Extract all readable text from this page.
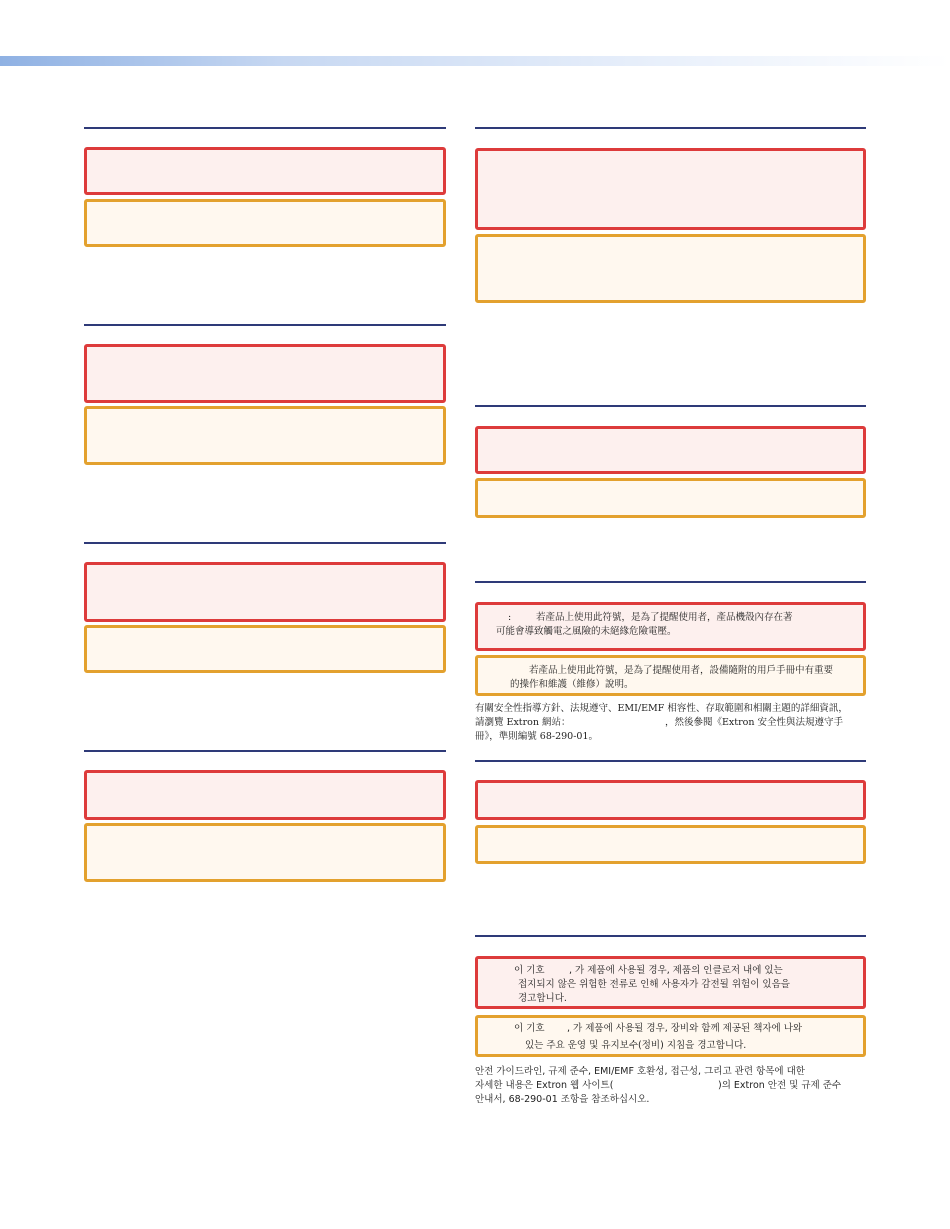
:	若產品上使用此符號，是為了提醒使用者，產品機殼內存在著
可能會導致觸電之風險的未絕緣危險電壓。
若產品上使用此符號，是為了提醒使用者，設備隨附的用戶手冊中有重要
的操作和維護（維修）說明。
有關安全性指導方針、法規遵守、EMI/EMF 相容性、存取範圍和相關主題的詳細資訊，
請瀏覽 Extron 網站：	，然後參閱《Extron 安全性與法規遵守手
冊》，準則編號 68-290-01。
이 기호	, 가 제품에 사용될 경우, 제품의 인클로저 내에 있는
접지되지 않은 위험한 전류로 인해 사용자가 감전될 위험이 있음을
경고합니다.
이 기호 , 가 제품에 사용될 경우, 장비와 함께 제공된 책자에 나와
있는 주요 운영 및 유지보수(정비) 지침을 경고합니다.
안전 가이드라인, 규제 준수, EMI/EMF 호환성, 접근성, 그리고 관련 항목에 대한
자세한 내용은 Extron 웹 사이트(	)의 Extron 안전 및 규제 준수
안내서, 68-290-01 조항을 참조하십시오.
